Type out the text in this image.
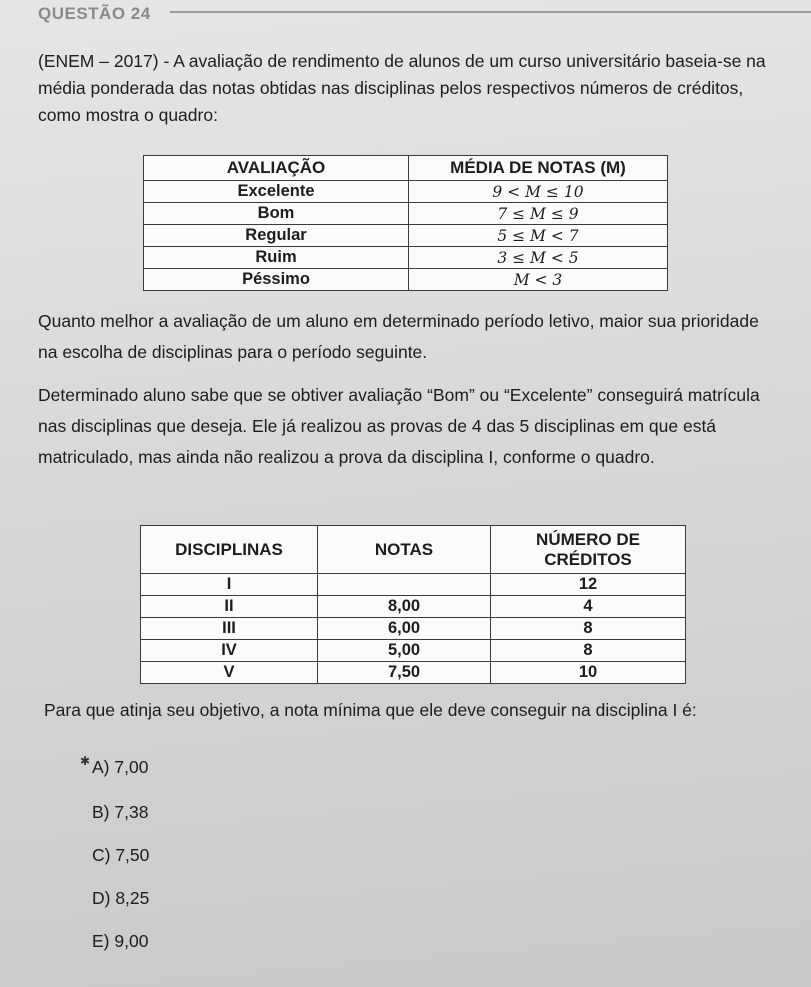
QUESTÃO 24
(ENEM – 2017) - A avaliação de rendimento de alunos de um curso universitário baseia-se na média ponderada das notas obtidas nas disciplinas pelos respectivos números de créditos, como mostra o quadro:
AVALIAÇÃO	MÉDIA DE NOTAS (M)
Excelente	9 < M ≤ 10
Bom	7 ≤ M ≤ 9
Regular	5 ≤ M < 7
Ruim	3 ≤ M < 5
Péssimo	M < 3
Quanto melhor a avaliação de um aluno em determinado período letivo, maior sua prioridade na escolha de disciplinas para o período seguinte.
Determinado aluno sabe que se obtiver avaliação “Bom” ou “Excelente” conseguirá matrícula nas disciplinas que deseja. Ele já realizou as provas de 4 das 5 disciplinas em que está matriculado, mas ainda não realizou a prova da disciplina I, conforme o quadro.
DISCIPLINAS	NOTAS	NÚMERO DE CRÉDITOS
I		12
II	8,00	4
III	6,00	8
IV	5,00	8
V	7,50	10
Para que atinja seu objetivo, a nota mínima que ele deve conseguir na disciplina I é:
✱ A) 7,00
B) 7,38
C) 7,50
D) 8,25
E) 9,00
